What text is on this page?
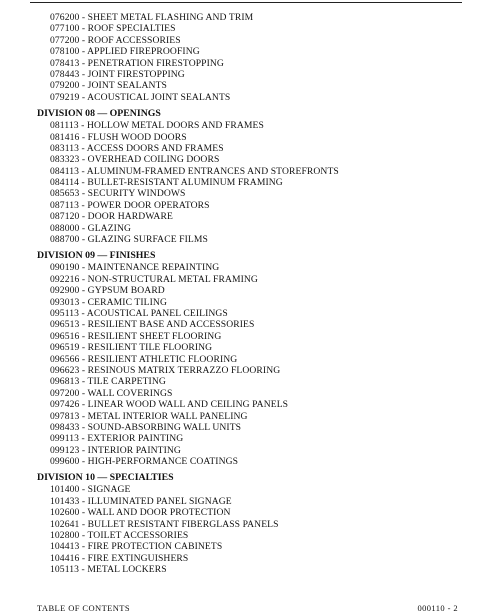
076200 - SHEET METAL FLASHING AND TRIM
077100 - ROOF SPECIALTIES
077200 - ROOF ACCESSORIES
078100 - APPLIED FIREPROOFING
078413 - PENETRATION FIRESTOPPING
078443 - JOINT FIRESTOPPING
079200 - JOINT SEALANTS
079219 - ACOUSTICAL JOINT SEALANTS
DIVISION 08 — OPENINGS
081113 - HOLLOW METAL DOORS AND FRAMES
081416 - FLUSH WOOD DOORS
083113 - ACCESS DOORS AND FRAMES
083323 - OVERHEAD COILING DOORS
084113 - ALUMINUM-FRAMED ENTRANCES AND STOREFRONTS
084114 - BULLET-RESISTANT ALUMINUM FRAMING
085653 - SECURITY WINDOWS
087113 - POWER DOOR OPERATORS
087120 - DOOR HARDWARE
088000 - GLAZING
088700 - GLAZING SURFACE FILMS
DIVISION 09 — FINISHES
090190 - MAINTENANCE REPAINTING
092216 - NON-STRUCTURAL METAL FRAMING
092900 - GYPSUM BOARD
093013 - CERAMIC TILING
095113 - ACOUSTICAL PANEL CEILINGS
096513 - RESILIENT BASE AND ACCESSORIES
096516 - RESILIENT SHEET FLOORING
096519 - RESILIENT TILE FLOORING
096566 - RESILIENT ATHLETIC FLOORING
096623 - RESINOUS MATRIX TERRAZZO FLOORING
096813 - TILE CARPETING
097200 - WALL COVERINGS
097426 - LINEAR WOOD WALL AND CEILING PANELS
097813 - METAL INTERIOR WALL PANELING
098433 - SOUND-ABSORBING WALL UNITS
099113 - EXTERIOR PAINTING
099123 - INTERIOR PAINTING
099600 - HIGH-PERFORMANCE COATINGS
DIVISION 10 — SPECIALTIES
101400 - SIGNAGE
101433 - ILLUMINATED PANEL SIGNAGE
102600 - WALL AND DOOR PROTECTION
102641 - BULLET RESISTANT FIBERGLASS PANELS
102800 - TOILET ACCESSORIES
104413 - FIRE PROTECTION CABINETS
104416 - FIRE EXTINGUISHERS
105113 - METAL LOCKERS
TABLE OF CONTENTS	000110 - 2
